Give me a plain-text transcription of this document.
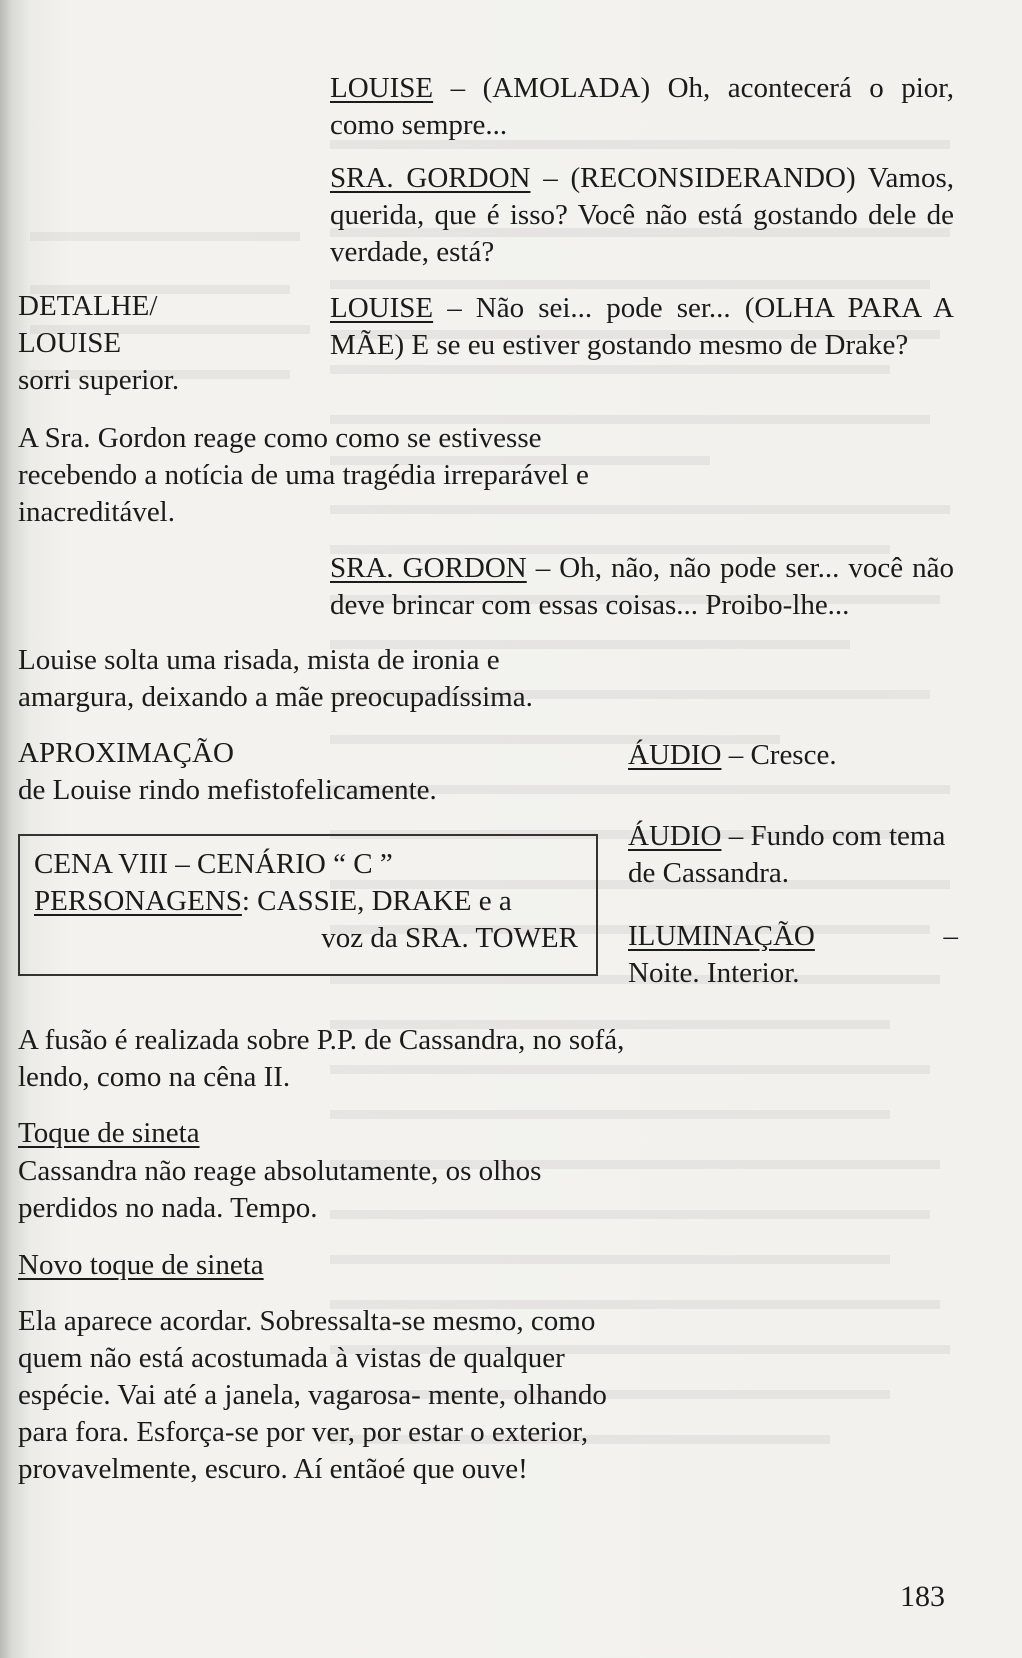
LOUISE – (AMOLADA) Oh, acontecerá o pior, como sempre...
SRA. GORDON – (RECONSIDERANDO) Vamos, querida, que é isso? Você não está gostando dele de verdade, está?
DETALHE/
LOUISE
sorri superior.
LOUISE – Não sei... pode ser... (OLHA PARA A MÃE) E se eu estiver gostando mesmo de Drake?
A Sra. Gordon reage como como se estivesse recebendo a notícia de uma tragédia irreparável e inacreditável.
SRA. GORDON – Oh, não, não pode ser... você não deve brincar com essas coisas... Proibo-lhe...
Louise solta uma risada, mista de ironia e amargura, deixando a mãe preocupadíssima.
APROXIMAÇÃO
de Louise rindo mefistofelicamente.
ÁUDIO – Cresce.
CENA VIII – CENÁRIO “ C ”
PERSONAGENS: CASSIE, DRAKE e a
voz da SRA. TOWER
ÁUDIO – Fundo com tema de Cassandra.
ILUMINAÇÃO	–
Noite. Interior.
A fusão é realizada sobre P.P. de Cassandra, no sofá, lendo, como na cêna II.
Toque de sineta
Cassandra não reage absolutamente, os olhos perdidos no nada. Tempo.
Novo toque de sineta
Ela aparece acordar. Sobressalta-se mesmo, como quem não está acostumada à vistas de qualquer espécie. Vai até a janela, vagarosa- mente, olhando para fora. Esforça-se por ver, por estar o exterior, provavelmente, escuro. Aí entãoé que ouve!
183
